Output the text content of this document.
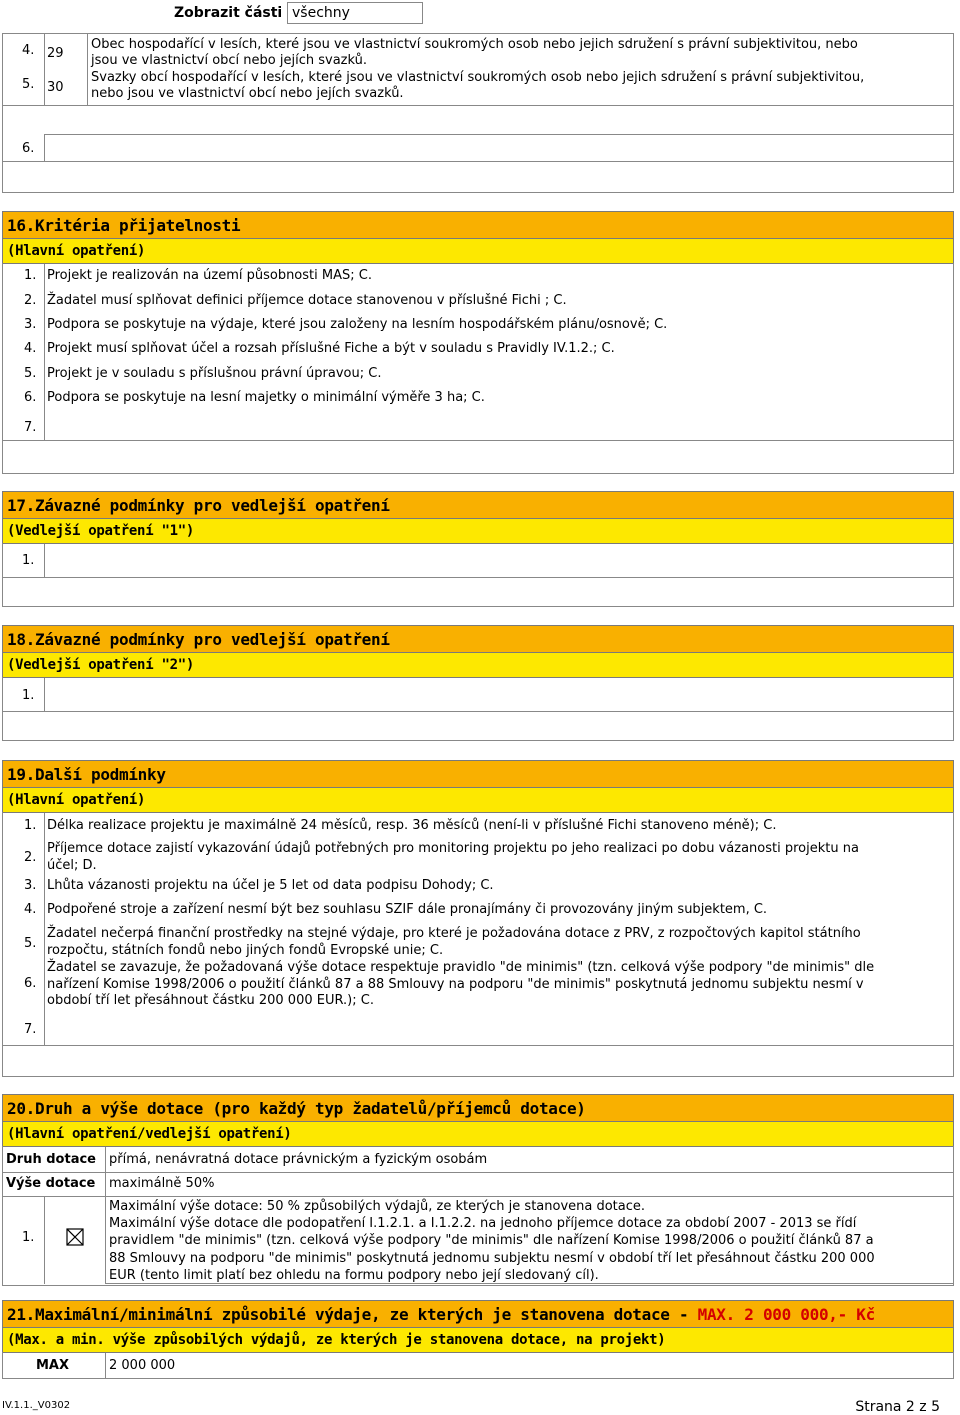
Zobrazit části všechny
4. 29
Obec hospodařící v lesích, které jsou ve vlastnictví soukromých osob nebo jejich sdružení s právní subjektivitou, nebo
jsou ve vlastnictví obcí nebo jejích svazků.
5. 30
Svazky obcí hospodařící v lesích, které jsou ve vlastnictví soukromých osob nebo jejich sdružení s právní subjektivitou,
nebo jsou ve vlastnictví obcí nebo jejích svazků.
6.
16.Kritéria přijatelnosti
(Hlavní opatření)
1. Projekt je realizován na území působnosti MAS; C.
2. Žadatel musí splňovat definici příjemce dotace stanovenou v příslušné Fichi ; C.
3. Podpora se poskytuje na výdaje, které jsou založeny na lesním hospodářském plánu/osnově; C.
4. Projekt musí splňovat účel a rozsah příslušné Fiche a být v souladu s Pravidly IV.1.2.; C.
5. Projekt je v souladu s příslušnou právní úpravou; C.
6. Podpora se poskytuje na lesní majetky o minimální výměře 3 ha; C.
7.
17.Závazné podmínky pro vedlejší opatření
(Vedlejší opatření "1")
1.
18.Závazné podmínky pro vedlejší opatření
(Vedlejší opatření "2")
1.
19.Další podmínky
(Hlavní opatření)
1. Délka realizace projektu je maximálně 24 měsíců, resp. 36 měsíců (není-li v příslušné Fichi stanoveno méně); C.
2.
Příjemce dotace zajistí vykazování údajů potřebných pro monitoring projektu po jeho realizaci po dobu vázanosti projektu na
účel; D.
3. Lhůta vázanosti projektu na účel je 5 let od data podpisu Dohody; C.
4. Podpořené stroje a zařízení nesmí být bez souhlasu SZIF dále pronajímány či provozovány jiným subjektem, C.
5.
Žadatel nečerpá finanční prostředky na stejné výdaje, pro které je požadována dotace z PRV, z rozpočtových kapitol státního
rozpočtu, státních fondů nebo jiných fondů Evropské unie; C.
6.
Žadatel se zavazuje, že požadovaná výše dotace respektuje pravidlo "de minimis" (tzn. celková výše podpory "de minimis" dle
nařízení Komise 1998/2006 o použití článků 87 a 88 Smlouvy na podporu "de minimis" poskytnutá jednomu subjektu nesmí v
období tří let přesáhnout částku 200 000 EUR.); C.
7.
20.Druh a výše dotace (pro každý typ žadatelů/příjemců dotace)
(Hlavní opatření/vedlejší opatření)
Druh dotace přímá, nenávratná dotace právnickým a fyzickým osobám
Výše dotace maximálně 50%
1.
Maximální výše dotace: 50 % způsobilých výdajů, ze kterých je stanovena dotace.
Maximální výše dotace dle podopatření I.1.2.1. a I.1.2.2. na jednoho příjemce dotace za období 2007 - 2013 se řídí
pravidlem "de minimis" (tzn. celková výše podpory "de minimis" dle nařízení Komise 1998/2006 o použití článků 87 a
88 Smlouvy na podporu "de minimis" poskytnutá jednomu subjektu nesmí v období tří let přesáhnout částku 200 000
EUR (tento limit platí bez ohledu na formu podpory nebo její sledovaný cíl).
21.Maximální/minimální způsobilé výdaje, ze kterých je stanovena dotace - MAX. 2 000 000,- Kč
(Max. a min. výše způsobilých výdajů, ze kterých je stanovena dotace, na projekt)
MAX	2 000 000
IV.1.1._V0302	Strana 2 z 5
